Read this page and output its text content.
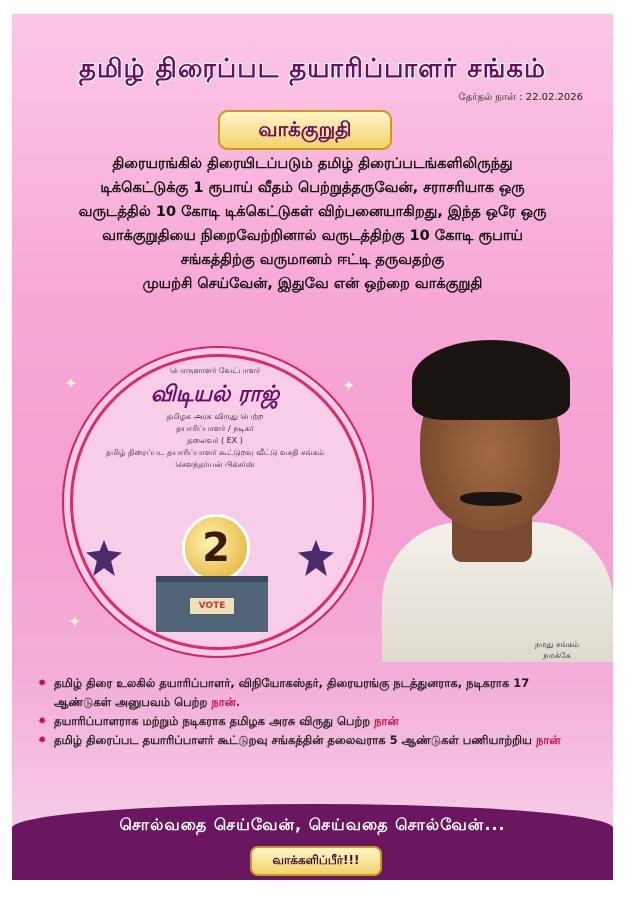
தமிழ் திரைப்பட தயாரிப்பாளர் சங்கம்
தேர்தல் நாள் : 22.02.2026
வாக்குறுதி
திரையரங்கில் திரையிடப்படும் தமிழ் திரைப்படங்களிலிருந்து
டிக்கெட்டுக்கு 1 ரூபாய் வீதம் பெற்றுத்தருவேன், சராசரியாக ஒரு
வருடத்தில் 10 கோடி டிக்கெட்டுகள் விற்பனையாகிறது, இந்த ஒரே ஒரு
வாக்குறுதியை நிறைவேற்றினால் வருடத்திற்கு 10 கோடி ரூபாய்
சங்கத்திற்கு வருமானம் ஈட்டி தருவதற்கு
முயற்சி செய்வேன், இதுவே என் ஒற்றை வாக்குறுதி
✦	✦
✦
பொருளாளர் வேட்பாளர்
விடியல் ராஜ்
தமிழக அரசு விருது பெற்ற
தயாரிப்பாளர் / நடிகர்
தலைவர் ( EX )
தமிழ் திரைப்பட தயாரிப்பாளர் கூட்டுறவு வீட்டு வசதி சங்கம்
சௌந்தர்யன் பிக்சர்ஸ்
2
VOTE
நமது சங்கம்
நமக்கே
✸ தமிழ் திரை உலகில் தயாரிப்பாளர், விநியோகஸ்தர், திரையரங்கு நடத்துனராக, நடிகராக 17 ஆண்டுகள் அனுபவம் பெற்ற நான்.
✸ தயாரிப்பாளராக மற்றும் நடிகராக தமிழக அரசு விருது பெற்ற நான்
✸ தமிழ் திரைப்பட தயாரிப்பாளர் கூட்டுறவு சங்கத்தின் தலைவராக 5 ஆண்டுகள் பணியாற்றிய நான்
சொல்வதை செய்வேன், செய்வதை சொல்வேன்...
வாக்களிப்பீர்!!!
